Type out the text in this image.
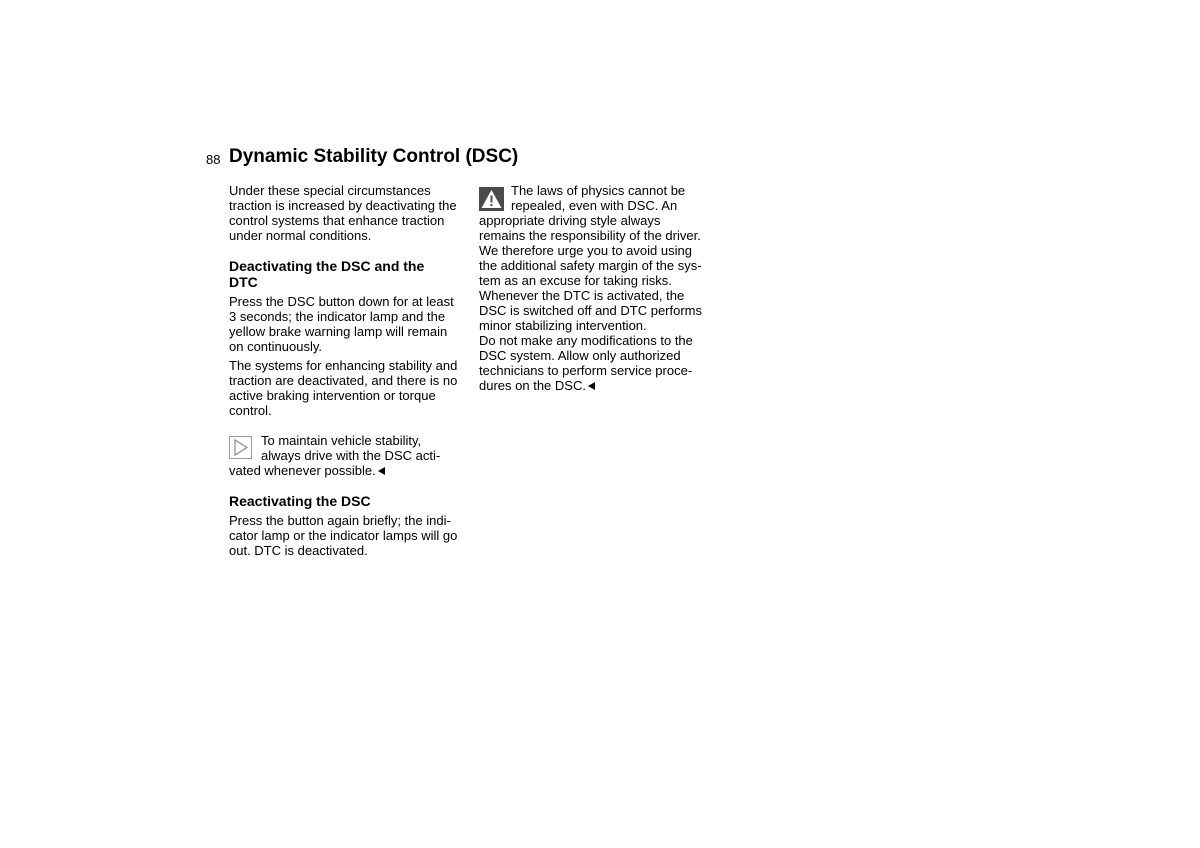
88 Dynamic Stability Control (DSC)

Under these special circumstances
traction is increased by deactivating the
control systems that enhance traction
under normal conditions.

Deactivating the DSC and the
DTC

Press the DSC button down for at least
3 seconds; the indicator lamp and the
yellow brake warning lamp will remain
on continuously.

The systems for enhancing stability and
traction are deactivated, and there is no
active braking intervention or torque
control.

To maintain vehicle stability,
always drive with the DSC acti-
vated whenever possible.

Reactivating the DSC

Press the button again briefly; the indi-
cator lamp or the indicator lamps will go
out. DTC is deactivated.

The laws of physics cannot be
repealed, even with DSC. An
appropriate driving style always
remains the responsibility of the driver.
We therefore urge you to avoid using
the additional safety margin of the sys-
tem as an excuse for taking risks.
Whenever the DTC is activated, the
DSC is switched off and DTC performs
minor stabilizing intervention.
Do not make any modifications to the
DSC system. Allow only authorized
technicians to perform service proce-
dures on the DSC.
